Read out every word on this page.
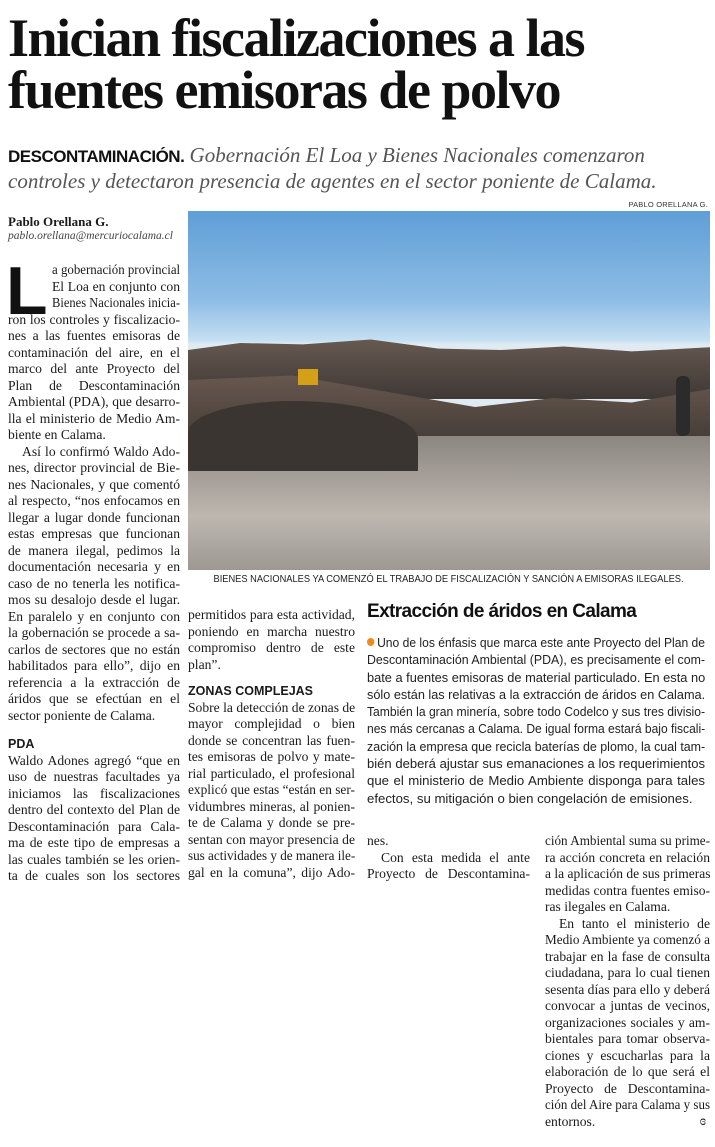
Inician fiscalizaciones a las
fuentes emisoras de polvo
DESCONTAMINACIÓN. Gobernación El Loa y Bienes Nacionales comenzaron
controles y detectaron presencia de agentes en el sector poniente de Calama.
PABLO ORELLANA G.
BIENES NACIONALES YA COMENZÓ EL TRABAJO DE FISCALIZACIÓN Y SANCIÓN A EMISORAS ILEGALES.
Pablo Orellana G.
pablo.orellana@mercuriocalama.cl
L a gobernación provincial
El Loa en conjunto con
Bienes Nacionales inicia-
ron los controles y fiscalizacio-
nes a las fuentes emisoras de
contaminación del aire, en el
marco del ante Proyecto del
Plan de Descontaminación
Ambiental (PDA), que desarro-
lla el ministerio de Medio Am-
biente en Calama.
Así lo confirmó Waldo Ado-
nes, director provincial de Bie-
nes Nacionales, y que comentó
al respecto, “nos enfocamos en
llegar a lugar donde funcionan
estas empresas que funcionan
de manera ilegal, pedimos la
documentación necesaria y en
caso de no tenerla les notifica-
mos su desalojo desde el lugar.
En paralelo y en conjunto con
la gobernación se procede a sa-
carlos de sectores que no están
habilitados para ello”, dijo en
referencia a la extracción de
áridos que se efectúan en el
sector poniente de Calama.
PDA
Waldo Adones agregó “que en
uso de nuestras facultades ya
iniciamos las fiscalizaciones
dentro del contexto del Plan de
Descontaminación para Cala-
ma de este tipo de empresas a
las cuales también se les orien-
ta de cuales son los sectores
permitidos para esta actividad,
poniendo en marcha nuestro
compromiso dentro de este
plan”.
ZONAS COMPLEJAS
Sobre la detección de zonas de
mayor complejidad o bien
donde se concentran las fuen-
tes emisoras de polvo y mate-
rial particulado, el profesional
explicó que estas “están en ser-
vidumbres mineras, al ponien-
te de Calama y donde se pre-
sentan con mayor presencia de
sus actividades y de manera ile-
gal en la comuna”, dijo Ado-
Extracción de áridos en Calama
Uno de los énfasis que marca este ante Proyecto del Plan de
Descontaminación Ambiental (PDA), es precisamente el com-
bate a fuentes emisoras de material particulado. En esta no
sólo están las relativas a la extracción de áridos en Calama.
También la gran minería, sobre todo Codelco y sus tres divisio-
nes más cercanas a Calama. De igual forma estará bajo fiscali-
zación la empresa que recicla baterías de plomo, la cual tam-
bién deberá ajustar sus emanaciones a los requerimientos
que el ministerio de Medio Ambiente disponga para tales
efectos, su mitigación o bien congelación de emisiones.
nes.
Con esta medida el ante
Proyecto de Descontamina-
ción Ambiental suma su prime-
ra acción concreta en relación
a la aplicación de sus primeras
medidas contra fuentes emiso-
ras ilegales en Calama.
En tanto el ministerio de
Medio Ambiente ya comenzó a
trabajar en la fase de consulta
ciudadana, para lo cual tienen
sesenta días para ello y deberá
convocar a juntas de vecinos,
organizaciones sociales y am-
bientales para tomar observa-
ciones y escucharlas para la
elaboración de lo que será el
Proyecto de Descontamina-
ción del Aire para Calama y sus
entornos.	ɞ
